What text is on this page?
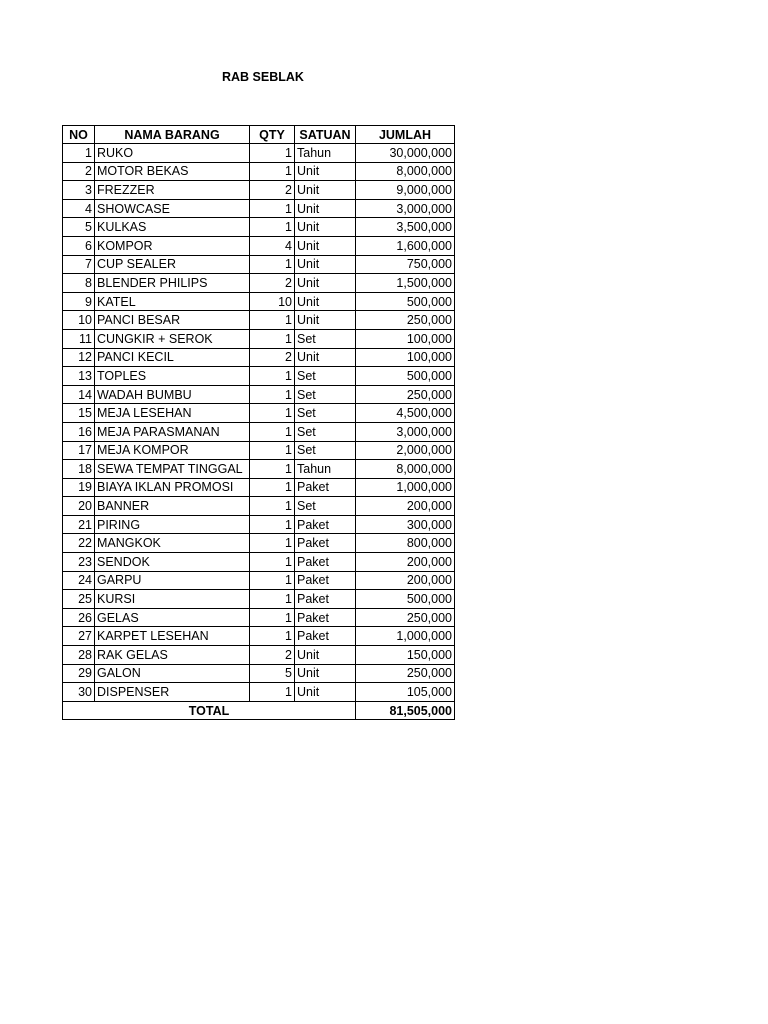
RAB SEBLAK
NO	NAMA BARANG	QTY	SATUAN	JUMLAH
1	RUKO	1	Tahun	30,000,000
2	MOTOR BEKAS	1	Unit	8,000,000
3	FREZZER	2	Unit	9,000,000
4	SHOWCASE	1	Unit	3,000,000
5	KULKAS	1	Unit	3,500,000
6	KOMPOR	4	Unit	1,600,000
7	CUP SEALER	1	Unit	750,000
8	BLENDER PHILIPS	2	Unit	1,500,000
9	KATEL	10	Unit	500,000
10	PANCI BESAR	1	Unit	250,000
11	CUNGKIR + SEROK	1	Set	100,000
12	PANCI KECIL	2	Unit	100,000
13	TOPLES	1	Set	500,000
14	WADAH BUMBU	1	Set	250,000
15	MEJA LESEHAN	1	Set	4,500,000
16	MEJA PARASMANAN	1	Set	3,000,000
17	MEJA KOMPOR	1	Set	2,000,000
18	SEWA TEMPAT TINGGAL	1	Tahun	8,000,000
19	BIAYA IKLAN PROMOSI	1	Paket	1,000,000
20	BANNER	1	Set	200,000
21	PIRING	1	Paket	300,000
22	MANGKOK	1	Paket	800,000
23	SENDOK	1	Paket	200,000
24	GARPU	1	Paket	200,000
25	KURSI	1	Paket	500,000
26	GELAS	1	Paket	250,000
27	KARPET LESEHAN	1	Paket	1,000,000
28	RAK GELAS	2	Unit	150,000
29	GALON	5	Unit	250,000
30	DISPENSER	1	Unit	105,000
TOTAL				81,505,000
